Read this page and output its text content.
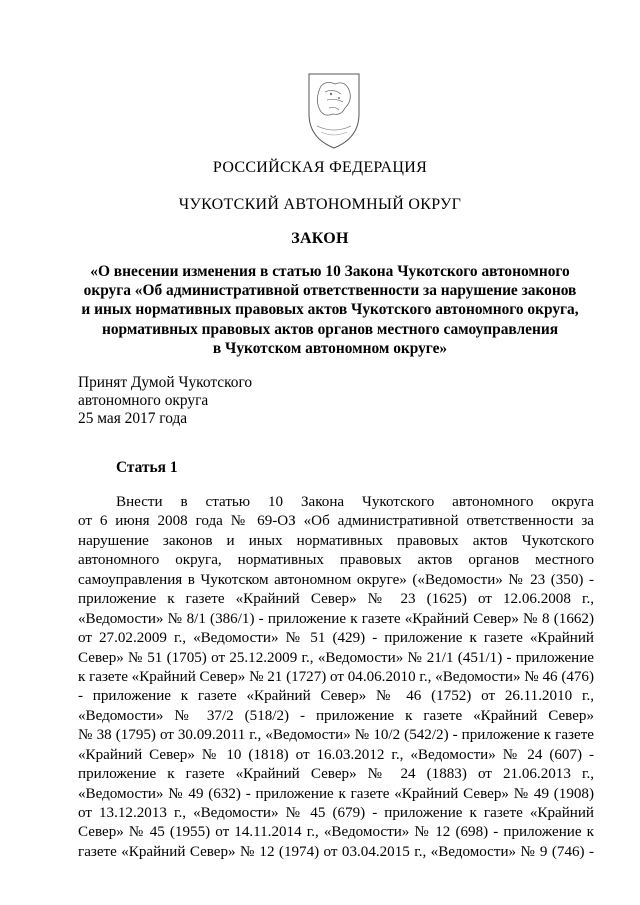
РОССИЙСКАЯ ФЕДЕРАЦИЯ
ЧУКОТСКИЙ АВТОНОМНЫЙ ОКРУГ
ЗАКОН
«О внесении изменения в статью 10 Закона Чукотского автономного
округа «Об административной ответственности за нарушение законов
и иных нормативных правовых актов Чукотского автономного округа,
нормативных правовых актов органов местного самоуправления
в Чукотском автономном округе»
Принят Думой Чукотского
автономного округа
25 мая 2017 года
Статья 1
Внести в статью 10 Закона Чукотского автономного округа
от 6 июня 2008 года № 69-ОЗ «Об административной ответственности за
нарушение законов и иных нормативных правовых актов Чукотского
автономного округа, нормативных правовых актов органов местного
самоуправления в Чукотском автономном округе» («Ведомости» № 23 (350) -
приложение к газете «Крайний Север» № 23 (1625) от 12.06.2008 г.,
«Ведомости» № 8/1 (386/1) - приложение к газете «Крайний Север» № 8 (1662)
от 27.02.2009 г., «Ведомости» № 51 (429) - приложение к газете «Крайний
Север» № 51 (1705) от 25.12.2009 г., «Ведомости» № 21/1 (451/1) - приложение
к газете «Крайний Север» № 21 (1727) от 04.06.2010 г., «Ведомости» № 46 (476)
- приложение к газете «Крайний Север» № 46 (1752) от 26.11.2010 г.,
«Ведомости» № 37/2 (518/2) - приложение к газете «Крайний Север»
№ 38 (1795) от 30.09.2011 г., «Ведомости» № 10/2 (542/2) - приложение к газете
«Крайний Север» № 10 (1818) от 16.03.2012 г., «Ведомости» № 24 (607) -
приложение к газете «Крайний Север» № 24 (1883) от 21.06.2013 г.,
«Ведомости» № 49 (632) - приложение к газете «Крайний Север» № 49 (1908)
от 13.12.2013 г., «Ведомости» № 45 (679) - приложение к газете «Крайний
Север» № 45 (1955) от 14.11.2014 г., «Ведомости» № 12 (698) - приложение к
газете «Крайний Север» № 12 (1974) от 03.04.2015 г., «Ведомости» № 9 (746) -
